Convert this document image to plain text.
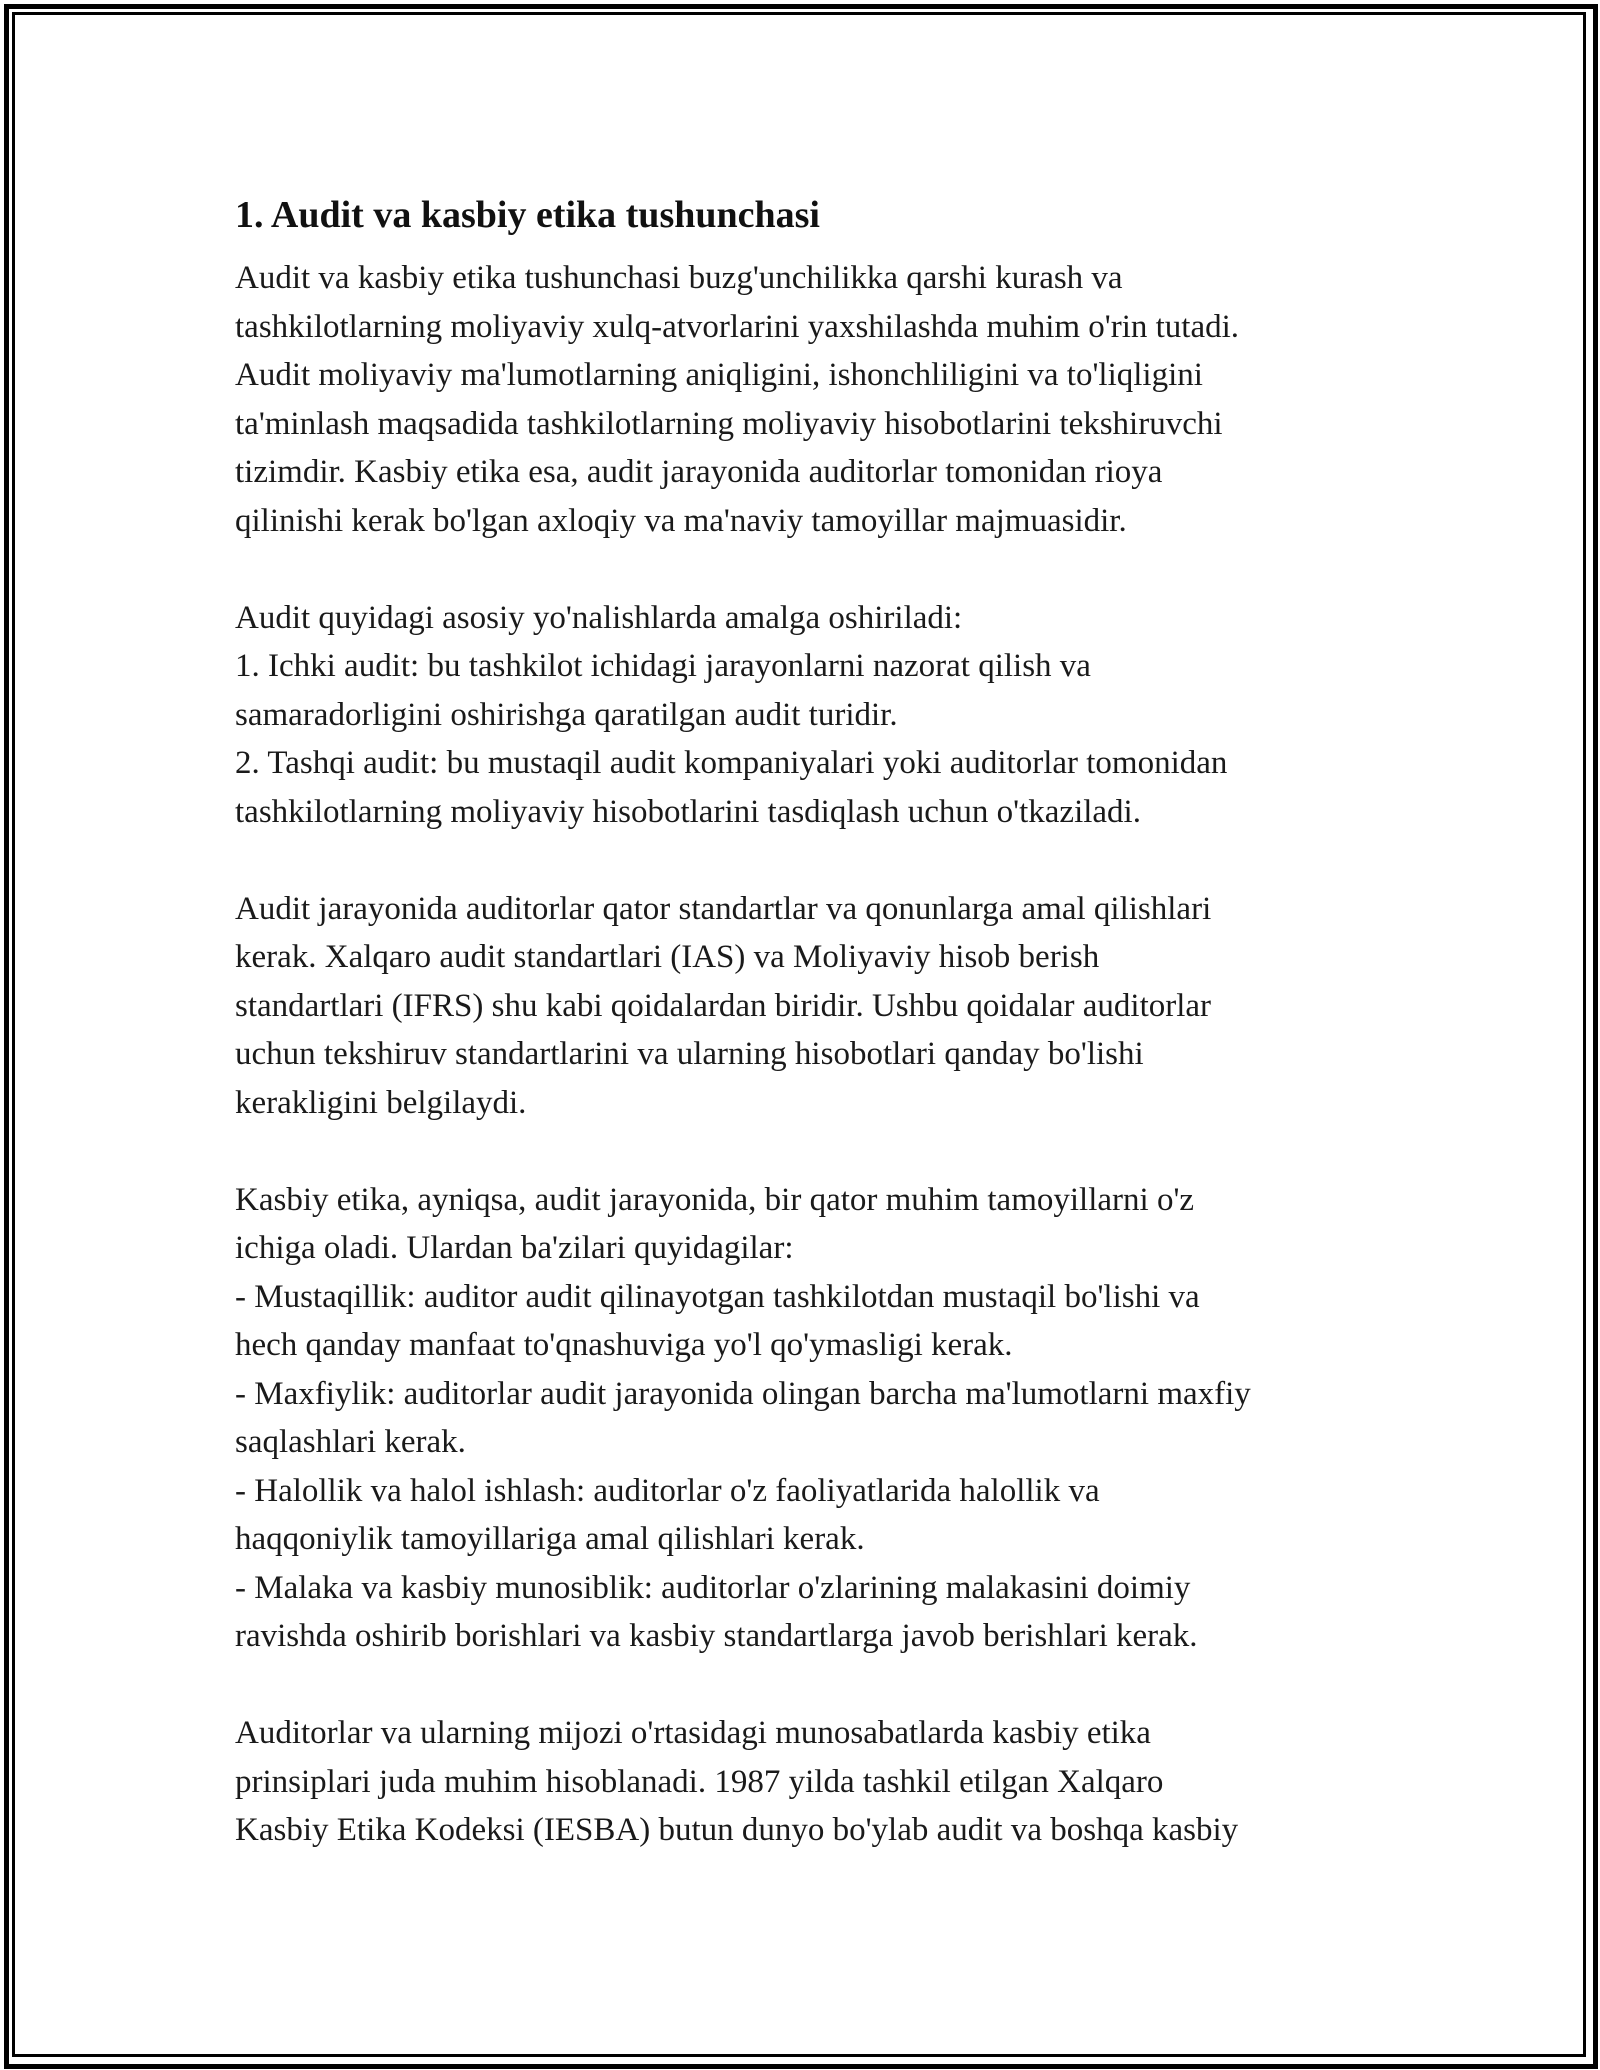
1. Audit va kasbiy etika tushunchasi

Audit va kasbiy etika tushunchasi buzg'unchilikka qarshi kurash va
tashkilotlarning moliyaviy xulq-atvorlarini yaxshilashda muhim o'rin tutadi.
Audit moliyaviy ma'lumotlarning aniqligini, ishonchliligini va to'liqligini
ta'minlash maqsadida tashkilotlarning moliyaviy hisobotlarini tekshiruvchi
tizimdir. Kasbiy etika esa, audit jarayonida auditorlar tomonidan rioya
qilinishi kerak bo'lgan axloqiy va ma'naviy tamoyillar majmuasidir.

Audit quyidagi asosiy yo'nalishlarda amalga oshiriladi:
1. Ichki audit: bu tashkilot ichidagi jarayonlarni nazorat qilish va
samaradorligini oshirishga qaratilgan audit turidir.
2. Tashqi audit: bu mustaqil audit kompaniyalari yoki auditorlar tomonidan
tashkilotlarning moliyaviy hisobotlarini tasdiqlash uchun o'tkaziladi.

Audit jarayonida auditorlar qator standartlar va qonunlarga amal qilishlari
kerak. Xalqaro audit standartlari (IAS) va Moliyaviy hisob berish
standartlari (IFRS) shu kabi qoidalardan biridir. Ushbu qoidalar auditorlar
uchun tekshiruv standartlarini va ularning hisobotlari qanday bo'lishi
kerakligini belgilaydi.

Kasbiy etika, ayniqsa, audit jarayonida, bir qator muhim tamoyillarni o'z
ichiga oladi. Ulardan ba'zilari quyidagilar:
- Mustaqillik: auditor audit qilinayotgan tashkilotdan mustaqil bo'lishi va
hech qanday manfaat to'qnashuviga yo'l qo'ymasligi kerak.
- Maxfiylik: auditorlar audit jarayonida olingan barcha ma'lumotlarni maxfiy
saqlashlari kerak.
- Halollik va halol ishlash: auditorlar o'z faoliyatlarida halollik va
haqqoniylik tamoyillariga amal qilishlari kerak.
- Malaka va kasbiy munosiblik: auditorlar o'zlarining malakasini doimiy
ravishda oshirib borishlari va kasbiy standartlarga javob berishlari kerak.

Auditorlar va ularning mijozi o'rtasidagi munosabatlarda kasbiy etika
prinsiplari juda muhim hisoblanadi. 1987 yilda tashkil etilgan Xalqaro
Kasbiy Etika Kodeksi (IESBA) butun dunyo bo'ylab audit va boshqa kasbiy
